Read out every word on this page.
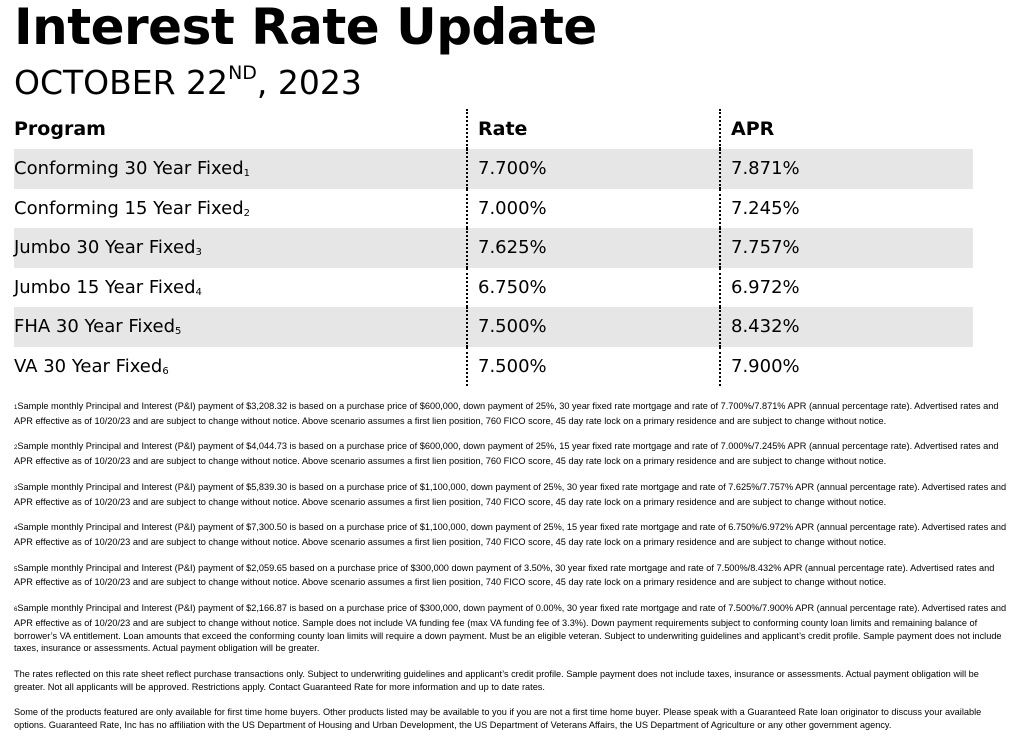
Interest Rate Update
OCTOBER 22ND, 2023
Program	Rate	APR
Conforming 30 Year Fixed1	7.700%	7.871%
Conforming 15 Year Fixed2	7.000%	7.245%
Jumbo 30 Year Fixed3	7.625%	7.757%
Jumbo 15 Year Fixed4	6.750%	6.972%
FHA 30 Year Fixed5	7.500%	8.432%
VA 30 Year Fixed6	7.500%	7.900%

1Sample monthly Principal and Interest (P&I) payment of $3,208.32 is based on a purchase price of $600,000, down payment of 25%, 30 year fixed rate mortgage and rate of 7.700%/7.871% APR (annual percentage rate). Advertised rates and APR effective as of 10/20/23 and are subject to change without notice. Above scenario assumes a first lien position, 760 FICO score, 45 day rate lock on a primary residence and are subject to change without notice.

2Sample monthly Principal and Interest (P&I) payment of $4,044.73 is based on a purchase price of $600,000, down payment of 25%, 15 year fixed rate mortgage and rate of 7.000%/7.245% APR (annual percentage rate). Advertised rates and APR effective as of 10/20/23 and are subject to change without notice. Above scenario assumes a first lien position, 760 FICO score, 45 day rate lock on a primary residence and are subject to change without notice.

3Sample monthly Principal and Interest (P&I) payment of $5,839.30 is based on a purchase price of $1,100,000, down payment of 25%, 30 year fixed rate mortgage and rate of 7.625%/7.757% APR (annual percentage rate). Advertised rates and APR effective as of 10/20/23 and are subject to change without notice. Above scenario assumes a first lien position, 740 FICO score, 45 day rate lock on a primary residence and are subject to change without notice.

4Sample monthly Principal and Interest (P&I) payment of $7,300.50 is based on a purchase price of $1,100,000, down payment of 25%, 15 year fixed rate mortgage and rate of 6.750%/6.972% APR (annual percentage rate). Advertised rates and APR effective as of 10/20/23 and are subject to change without notice. Above scenario assumes a first lien position, 740 FICO score, 45 day rate lock on a primary residence and are subject to change without notice.

5Sample monthly Principal and Interest (P&I) payment of $2,059.65 based on a purchase price of $300,000 down payment of 3.50%, 30 year fixed rate mortgage and rate of 7.500%/8.432% APR (annual percentage rate). Advertised rates and APR effective as of 10/20/23 and are subject to change without notice. Above scenario assumes a first lien position, 740 FICO score, 45 day rate lock on a primary residence and are subject to change without notice.

6Sample monthly Principal and Interest (P&I) payment of $2,166.87 is based on a purchase price of $300,000, down payment of 0.00%, 30 year fixed rate mortgage and rate of 7.500%/7.900% APR (annual percentage rate). Advertised rates and APR effective as of 10/20/23 and are subject to change without notice. Sample does not include VA funding fee (max VA funding fee of 3.3%). Down payment requirements subject to conforming county loan limits and remaining balance of borrower’s VA entitlement. Loan amounts that exceed the conforming county loan limits will require a down payment. Must be an eligible veteran. Subject to underwriting guidelines and applicant’s credit profile. Sample payment does not include taxes, insurance or assessments. Actual payment obligation will be greater.

The rates reflected on this rate sheet reflect purchase transactions only. Subject to underwriting guidelines and applicant’s credit profile. Sample payment does not include taxes, insurance or assessments. Actual payment obligation will be greater. Not all applicants will be approved. Restrictions apply. Contact Guaranteed Rate for more information and up to date rates.

Some of the products featured are only available for first time home buyers. Other products listed may be available to you if you are not a first time home buyer. Please speak with a Guaranteed Rate loan originator to discuss your available options. Guaranteed Rate, Inc has no affiliation with the US Department of Housing and Urban Development, the US Department of Veterans Affairs, the US Department of Agriculture or any other government agency.
